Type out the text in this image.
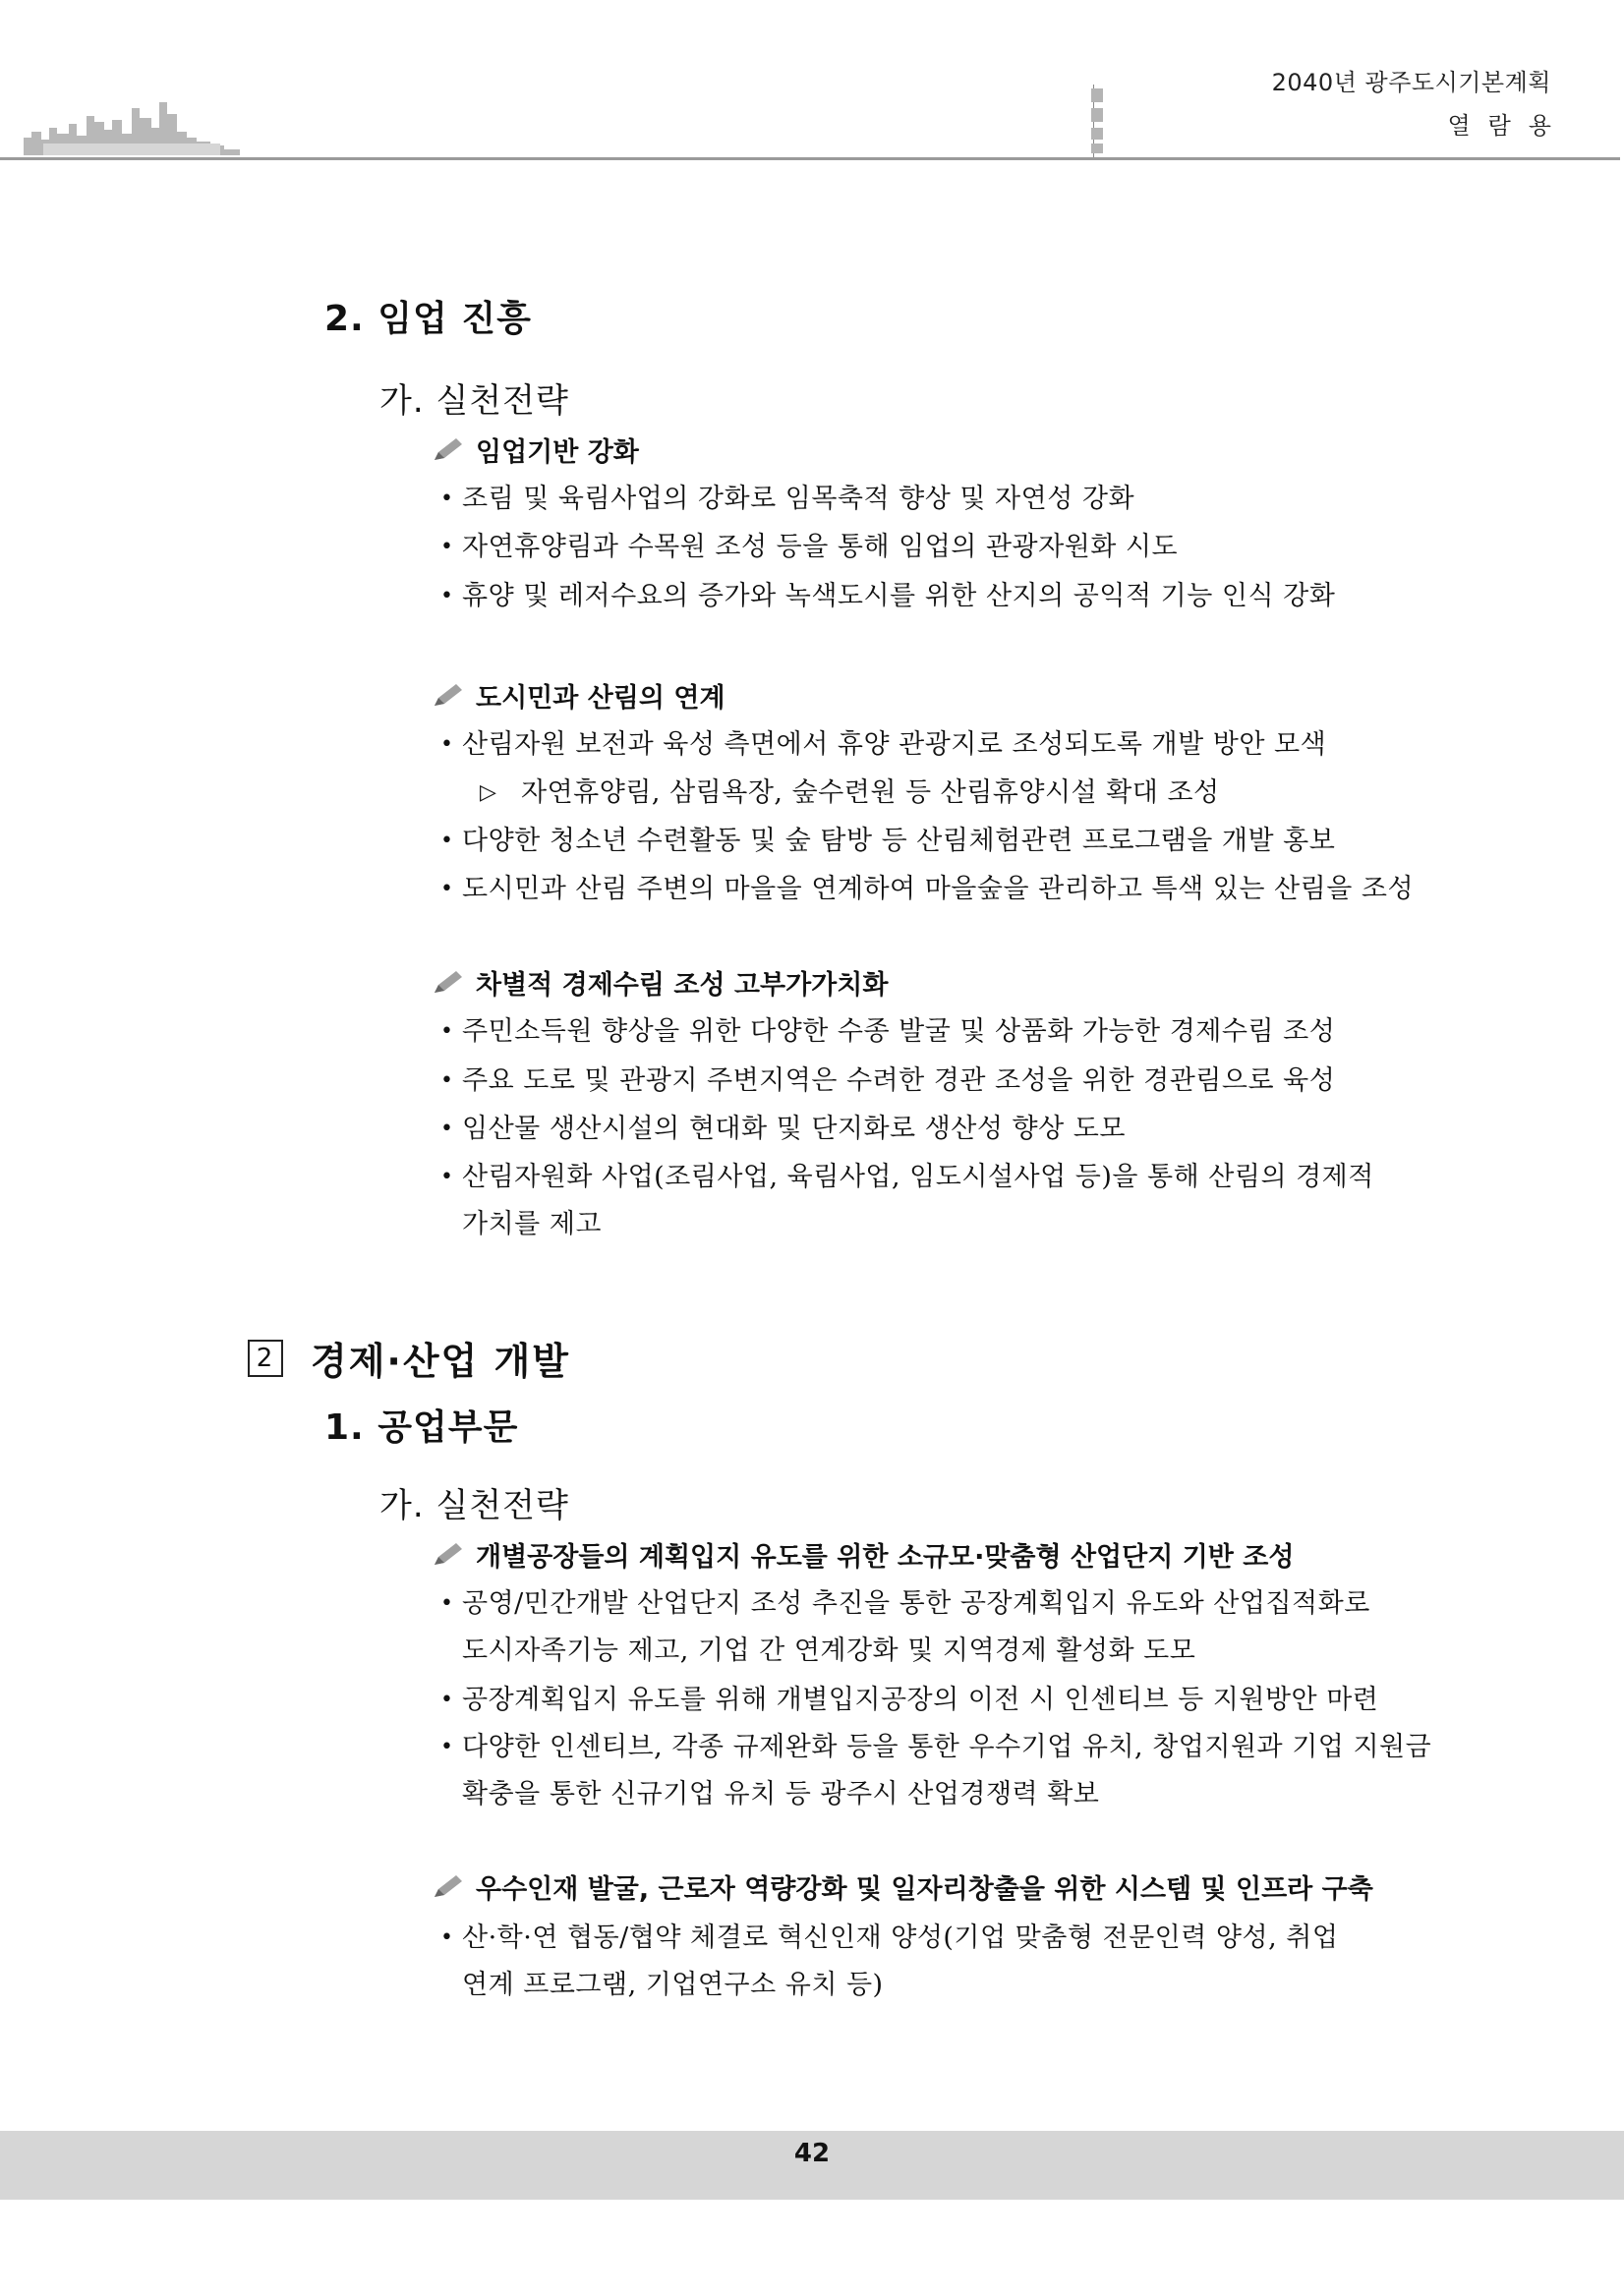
2040년 광주도시기본계획
열람용
2. 임업 진흥
가. 실천전략
임업기반 강화
• 조림 및 육림사업의 강화로 임목축적 향상 및 자연성 강화
• 자연휴양림과 수목원 조성 등을 통해 임업의 관광자원화 시도
• 휴양 및 레저수요의 증가와 녹색도시를 위한 산지의 공익적 기능 인식 강화
도시민과 산림의 연계
• 산림자원 보전과 육성 측면에서 휴양 관광지로 조성되도록 개발 방안 모색
▷ 자연휴양림, 삼림욕장, 숲수련원 등 산림휴양시설 확대 조성
• 다양한 청소년 수련활동 및 숲 탐방 등 산림체험관련 프로그램을 개발 홍보
• 도시민과 산림 주변의 마을을 연계하여 마을숲을 관리하고 특색 있는 산림을 조성
차별적 경제수림 조성 고부가가치화
• 주민소득원 향상을 위한 다양한 수종 발굴 및 상품화 가능한 경제수림 조성
• 주요 도로 및 관광지 주변지역은 수려한 경관 조성을 위한 경관림으로 육성
• 임산물 생산시설의 현대화 및 단지화로 생산성 향상 도모
• 산림자원화 사업(조림사업, 육림사업, 임도시설사업 등)을 통해 산림의 경제적
가치를 제고
2 경제·산업 개발
1. 공업부문
가. 실천전략
개별공장들의 계획입지 유도를 위한 소규모·맞춤형 산업단지 기반 조성
• 공영/민간개발 산업단지 조성 추진을 통한 공장계획입지 유도와 산업집적화로
도시자족기능 제고, 기업 간 연계강화 및 지역경제 활성화 도모
• 공장계획입지 유도를 위해 개별입지공장의 이전 시 인센티브 등 지원방안 마련
• 다양한 인센티브, 각종 규제완화 등을 통한 우수기업 유치, 창업지원과 기업 지원금
확충을 통한 신규기업 유치 등 광주시 산업경쟁력 확보
우수인재 발굴, 근로자 역량강화 및 일자리창출을 위한 시스템 및 인프라 구축
• 산·학·연 협동/협약 체결로 혁신인재 양성(기업 맞춤형 전문인력 양성, 취업
연계 프로그램, 기업연구소 유치 등)
42
